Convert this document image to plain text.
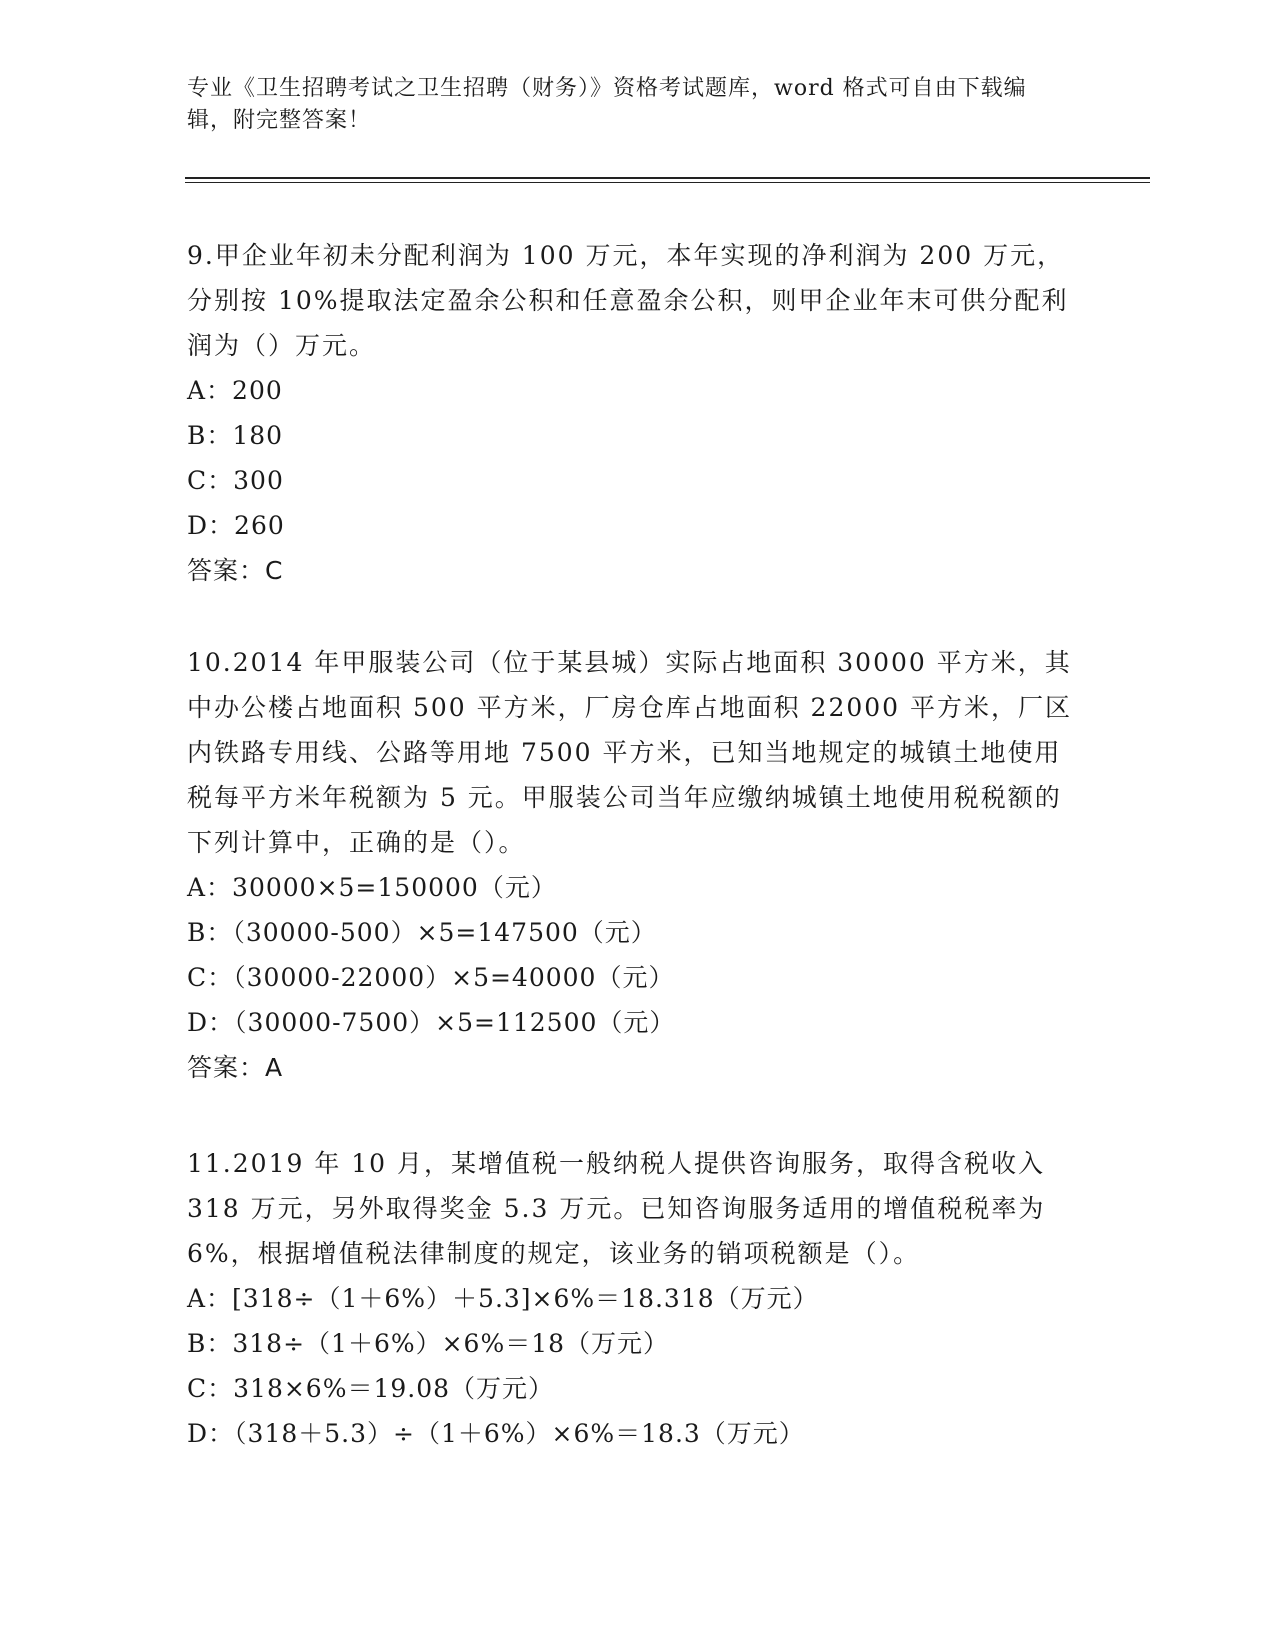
专业《卫生招聘考试之卫生招聘（财务）》资格考试题库，word 格式可自由下载编辑，附完整答案！
9.甲企业年初未分配利润为 100 万元，本年实现的净利润为 200 万元，分别按 10%提取法定盈余公积和任意盈余公积，则甲企业年末可供分配利润为（）万元。
A：200
B：180
C：300
D：260
答案：C
10.2014 年甲服装公司（位于某县城）实际占地面积 30000 平方米，其中办公楼占地面积 500 平方米，厂房仓库占地面积 22000 平方米，厂区内铁路专用线、公路等用地 7500 平方米，已知当地规定的城镇土地使用税每平方米年税额为 5 元。甲服装公司当年应缴纳城镇土地使用税税额的下列计算中，正确的是（）。
A：30000×5=150000（元）
B：（30000-500）×5=147500（元）
C：（30000-22000）×5=40000（元）
D：（30000-7500）×5=112500（元）
答案：A
11.2019 年 10 月，某增值税一般纳税人提供咨询服务，取得含税收入318 万元，另外取得奖金 5.3 万元。已知咨询服务适用的增值税税率为6%，根据增值税法律制度的规定，该业务的销项税额是（）。
A：[318÷（1＋6%）＋5.3]×6%＝18.318（万元）
B：318÷（1＋6%）×6%＝18（万元）
C：318×6%＝19.08（万元）
D：（318＋5.3）÷（1＋6%）×6%＝18.3（万元）
